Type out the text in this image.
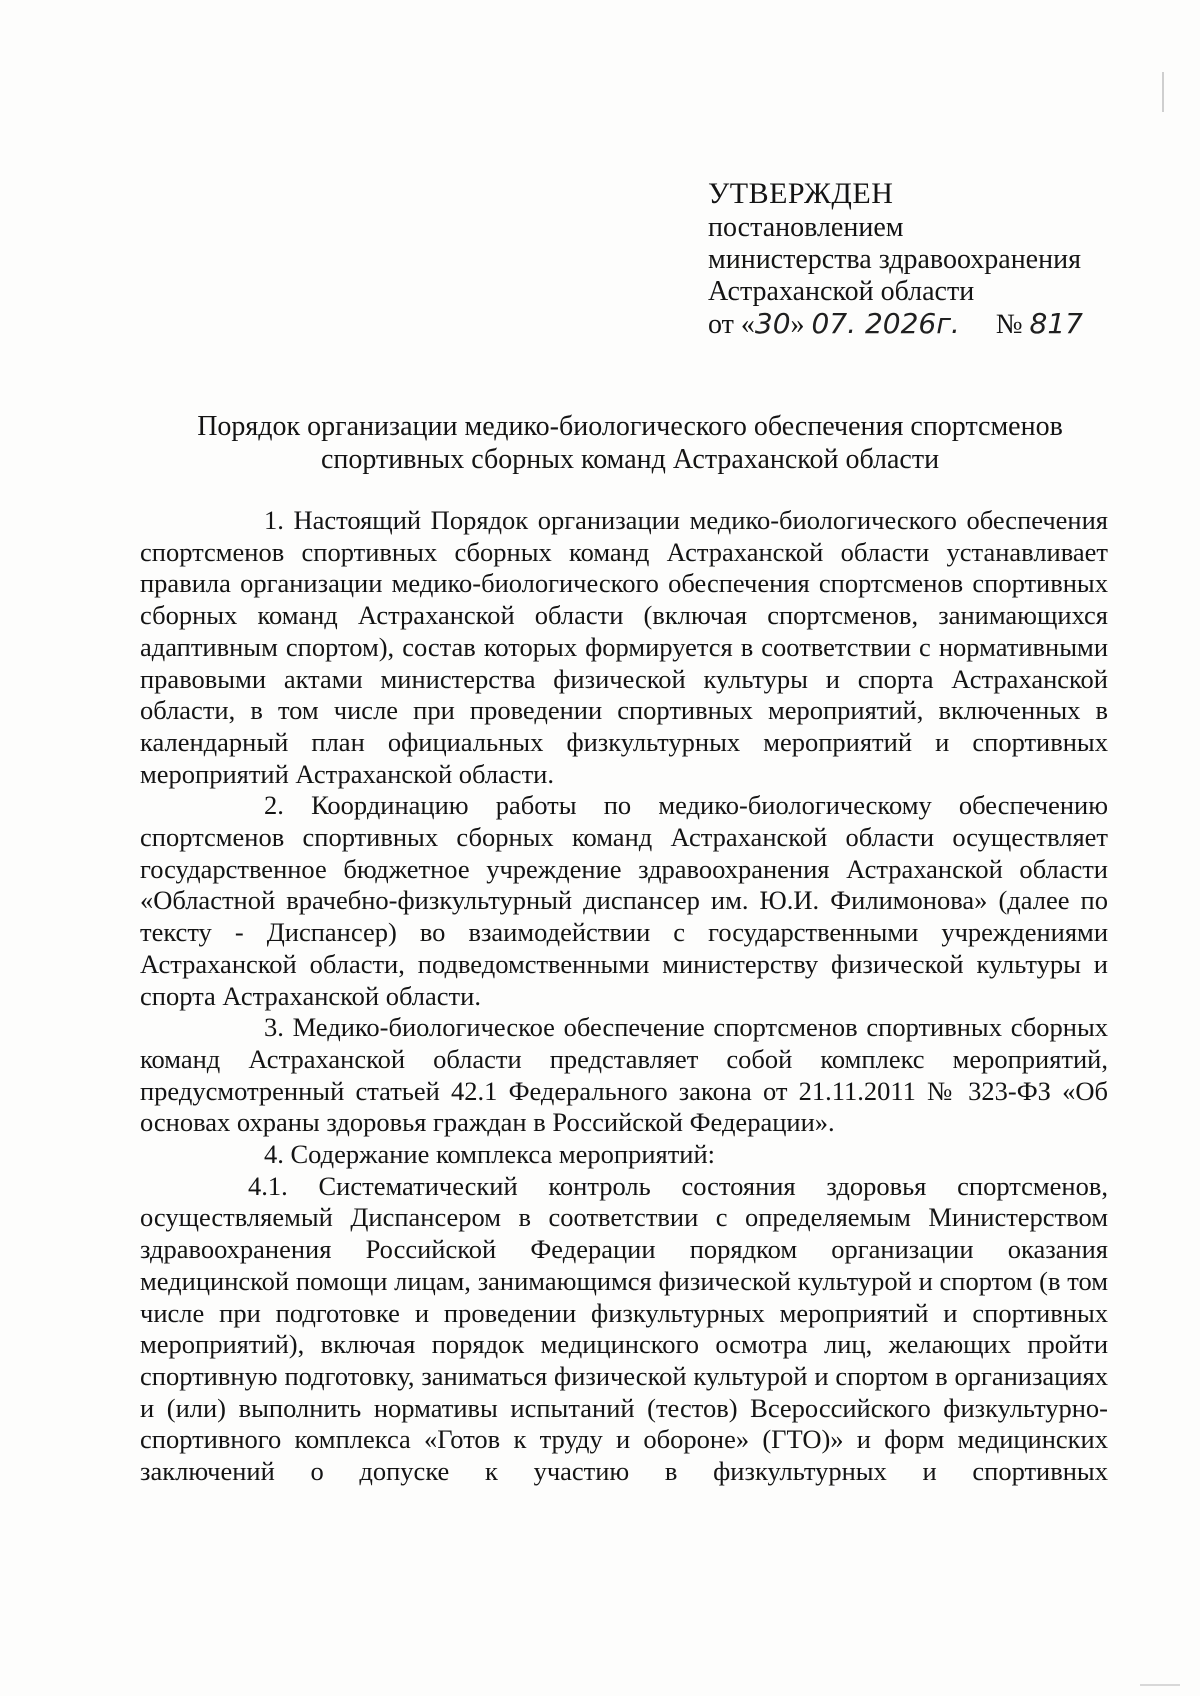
УТВЕРЖДЕН
постановлением
министерства здравоохранения
Астраханской области
от «30» 07. 2026г. № 817
Порядок организации медико-биологического обеспечения спортсменов
спортивных сборных команд Астраханской области

1. Настоящий Порядок организации медико-биологического обеспечения спортсменов спортивных сборных команд Астраханской области устанавливает правила организации медико-биологического обеспечения спортсменов спортивных сборных команд Астраханской области (включая спортсменов, занимающихся адаптивным спортом), состав которых формируется в соответствии с нормативными правовыми актами министерства физической культуры и спорта Астраханской области, в том числе при проведении спортивных мероприятий, включенных в календарный план официальных физкультурных мероприятий и спортивных мероприятий Астраханской области.

2. Координацию работы по медико-биологическому обеспечению спортсменов спортивных сборных команд Астраханской области осуществляет государственное бюджетное учреждение здравоохранения Астраханской области «Областной врачебно-физкультурный диспансер им. Ю.И. Филимонова» (далее по тексту - Диспансер) во взаимодействии с государственными учреждениями Астраханской области, подведомственными министерству физической культуры и спорта Астраханской области.

3. Медико-биологическое обеспечение спортсменов спортивных сборных команд Астраханской области представляет собой комплекс мероприятий, предусмотренный статьей 42.1 Федерального закона от 21.11.2011 № 323-ФЗ «Об основах охраны здоровья граждан в Российской Федерации».

4. Содержание комплекса мероприятий:

4.1. Систематический контроль состояния здоровья спортсменов, осуществляемый Диспансером в соответствии с определяемым Министерством здравоохранения Российской Федерации порядком организации оказания медицинской помощи лицам, занимающимся физической культурой и спортом (в том числе при подготовке и проведении физкультурных мероприятий и спортивных мероприятий), включая порядок медицинского осмотра лиц, желающих пройти спортивную подготовку, заниматься физической культурой и спортом в организациях и (или) выполнить нормативы испытаний (тестов) Всероссийского физкультурно-спортивного комплекса «Готов к труду и обороне» (ГТО)» и форм медицинских заключений о допуске к участию в физкультурных и спортивных
